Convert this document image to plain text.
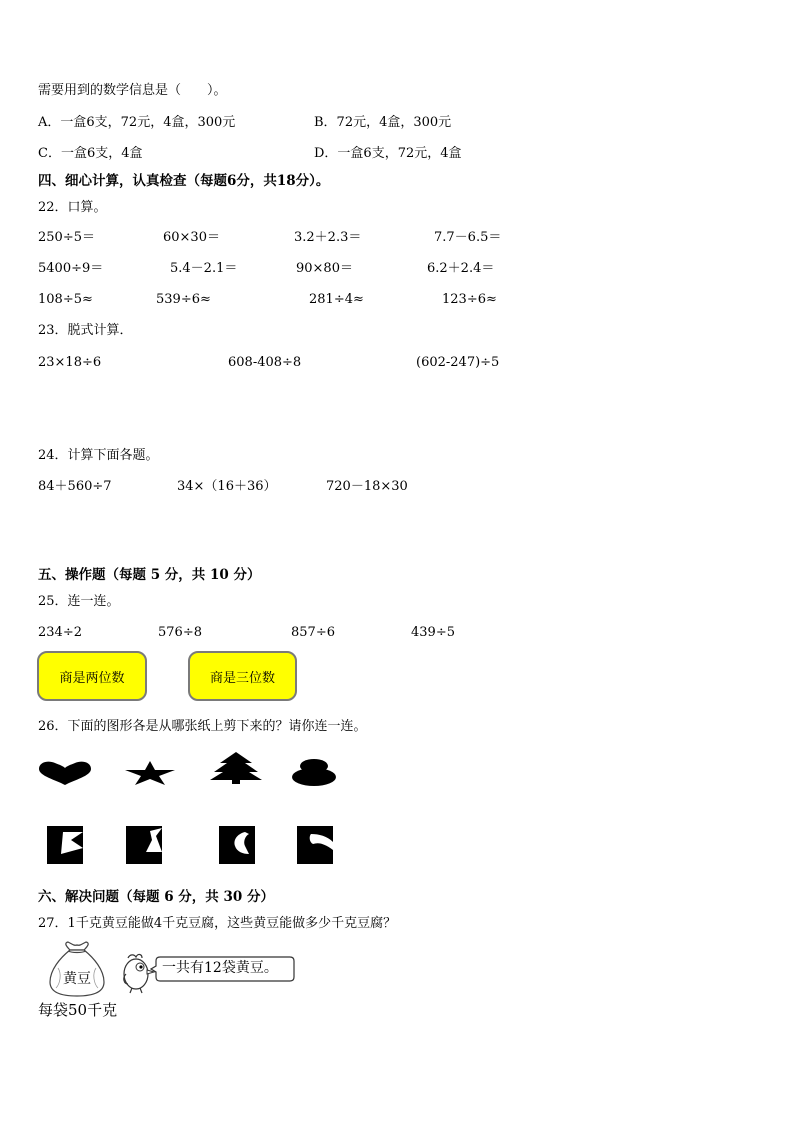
需要用到的数学信息是（　　）。
A．一盒6支，72元，4盒，300元	B．72元，4盒，300元
C．一盒6支，4盒	D．一盒6支，72元，4盒
四、细心计算，认真检查（每题6分，共18分）。
22．口算。
250÷5＝	60×30＝	3.2＋2.3＝	7.7－6.5＝
5400÷9＝	5.4－2.1＝	90×80＝	6.2＋2.4＝
108÷5≈	539÷6≈	281÷4≈	123÷6≈
23．脱式计算．
23×18÷6	608-408÷8	(602-247)÷5
24．计算下面各题。
84＋560÷7	34×（16＋36）	720－18×30
五、操作题（每题 5 分，共 10 分）
25．连一连。
234÷2	576÷8	857÷6	439÷5
商是两位数	商是三位数
26．下面的图形各是从哪张纸上剪下来的？请你连一连。
六、解决问题（每题 6 分，共 30 分）
27．1千克黄豆能做4千克豆腐，这些黄豆能做多少千克豆腐？
黄豆
每袋50千克
一共有12袋黄豆。
